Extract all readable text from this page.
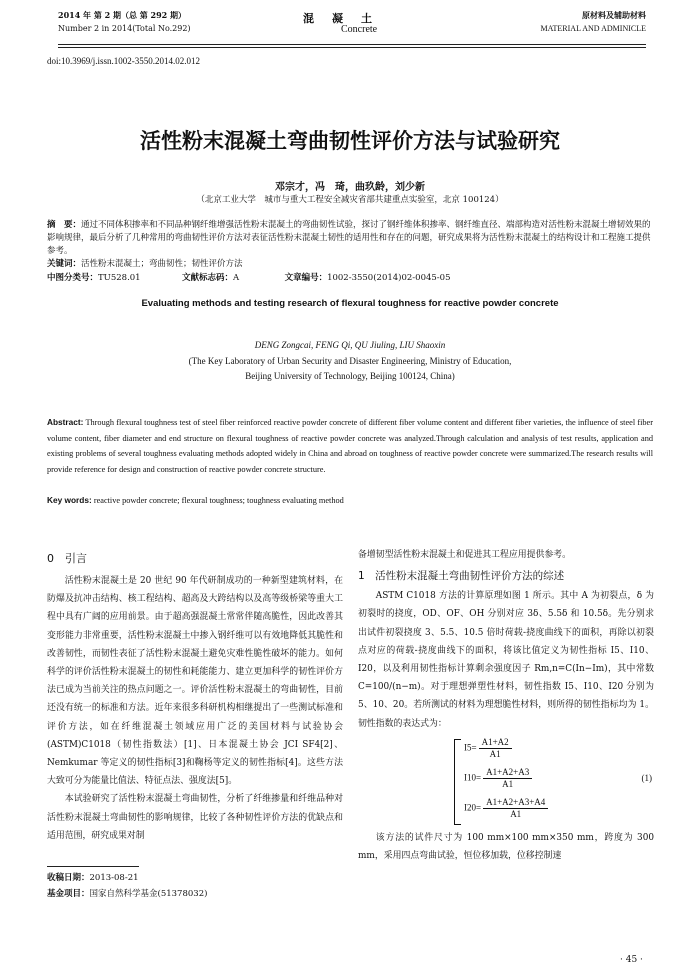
2014 年 第 2 期（总 第 292 期）
Number 2 in 2014(Total No.292)
混凝土
Concrete
原材料及辅助材料
MATERIAL AND ADMINICLE
doi:10.3969/j.issn.1002-3550.2014.02.012
活性粉末混凝土弯曲韧性评价方法与试验研究
邓宗才，冯　琦，曲玖龄，刘少新
（北京工业大学　城市与重大工程安全减灾省部共建重点实验室，北京 100124）
摘　要：通过不同体积掺率和不同品种钢纤维增强活性粉末混凝土的弯曲韧性试验，探讨了钢纤维体积掺率、钢纤维直径、端部构造对活性粉末混凝土增韧效果的影响规律，最后分析了几种常用的弯曲韧性评价方法对表征活性粉末混凝土韧性的适用性和存在的问题，研究成果将为活性粉末混凝土的结构设计和工程施工提供参考。
关键词：活性粉末混凝土；弯曲韧性；韧性评价方法
中图分类号：TU528.01	文献标志码：A	文章编号：1002-3550(2014)02-0045-05
Evaluating methods and testing research of flexural toughness for reactive powder concrete
DENG Zongcai, FENG Qi, QU Jiuling, LIU Shaoxin
(The Key Laboratory of Urban Security and Disaster Engineering, Ministry of Education,
Beijing University of Technology, Beijing 100124, China)
Abstract: Through flexural toughness test of steel fiber reinforced reactive powder concrete of different fiber volume content and different fiber varieties, the influence of steel fiber volume content, fiber diameter and end structure on flexural toughness of reactive powder concrete was analyzed.Through calculation and analysis of test results, application and existing problems of several toughness evaluating methods adopted widely in China and abroad on toughness of reactive powder concrete were summarized.The research results will provide reference for design and construction of reactive powder concrete structure.
Key words: reactive powder concrete; flexural toughness; toughness evaluating method
0　引言

活性粉末混凝土是 20 世纪 90 年代研制成功的一种新型建筑材料，在防爆及抗冲击结构、核工程结构、超高及大跨结构以及高等级桥梁等重大工程中具有广阔的应用前景。由于超高强混凝土常常伴随高脆性，因此改善其变形能力非常重要，活性粉末混凝土中掺入钢纤维可以有效地降低其脆性和改善韧性，而韧性表征了活性粉末混凝土避免灾难性脆性破坏的能力。如何科学的评价活性粉末混凝土的韧性和耗能能力、建立更加科学的韧性评价方法已成为当前关注的热点问题之一。评价活性粉末混凝土的弯曲韧性，目前还没有统一的标准和方法。近年来很多科研机构相继提出了一些测试标准和评价方法，如在纤维混凝土领域应用广泛的美国材料与试验协会(ASTM)C1018（韧性指数法）[1]、日本混凝土协会 JCI SF4[2]、Nemkumar 等定义的韧性指标[3]和鞠杨等定义的韧性指标[4]。这些方法大致可分为能量比值法、特征点法、强度法[5]。

本试验研究了活性粉末混凝土弯曲韧性，分析了纤维掺量和纤维品种对活性粉末混凝土弯曲韧性的影响规律，比较了各种韧性评价方法的优缺点和适用范围，研究成果对制

备增韧型活性粉末混凝土和促进其工程应用提供参考。

1　活性粉末混凝土弯曲韧性评价方法的综述

ASTM C1018 方法的计算原理如图 1 所示。其中 A 为初裂点，δ 为初裂时的挠度，OD、OF、OH 分别对应 3δ、5.5δ 和 10.5δ。先分别求出试件初裂挠度 3、5.5、10.5 倍时荷载-挠度曲线下的面积，再除以初裂点对应的荷载-挠度曲线下的面积，将该比值定义为韧性指标 I5、I10、I20，以及利用韧性指标计算剩余强度因子 Rm,n=C(In−Im)，其中常数 C=100/(n−m)。对于理想弹塑性材料，韧性指数 I5、I10、I20 分别为 5、10、20。若所测试的材料为理想脆性材料，则所得的韧性指标均为 1。韧性指数的表达式为：

$I5= \frac{A1+A2}{A1}$
$I10= \frac{A1+A2+A3}{A1}$
$I20= \frac{A1+A2+A3+A4}{A1}$
(1)

该方法的试件尺寸为 100 mm×100 mm×350 mm，跨度为 300 mm，采用四点弯曲试验，恒位移加载，位移控制速

收稿日期：2013-08-21
基金项目：国家自然科学基金(51378032)
· 45 ·
